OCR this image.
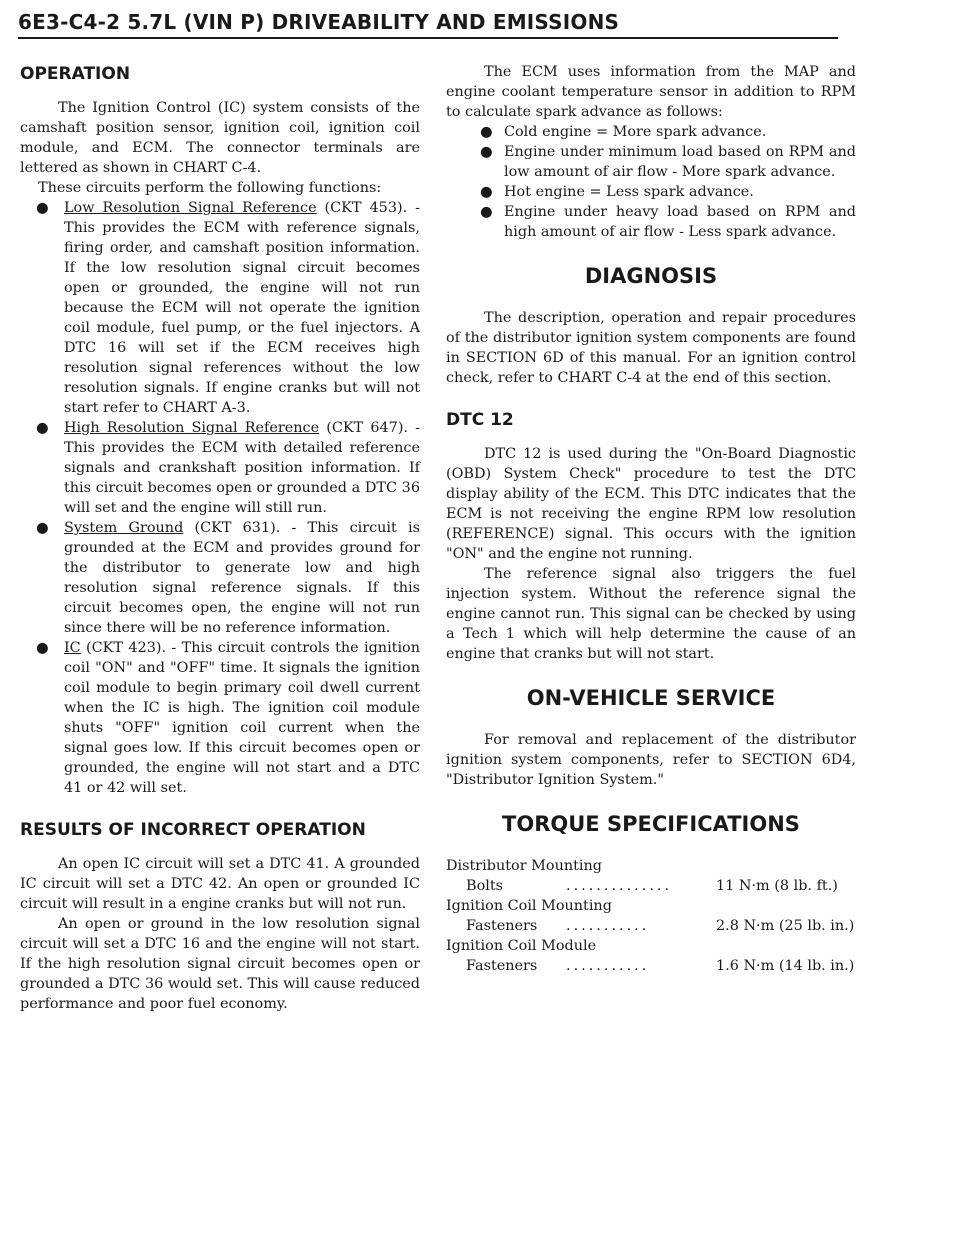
6E3-C4-2 5.7L (VIN P) DRIVEABILITY AND EMISSIONS
OPERATION

The Ignition Control (IC) system consists of the camshaft position sensor, ignition coil, ignition coil module, and ECM. The connector terminals are lettered as shown in CHART C-4.

These circuits perform the following functions:

● Low Resolution Signal Reference (CKT 453). - This provides the ECM with reference signals, firing order, and camshaft position information. If the low resolution signal circuit becomes open or grounded, the engine will not run because the ECM will not operate the ignition coil module, fuel pump, or the fuel injectors. A DTC 16 will set if the ECM receives high resolution signal references without the low resolution signals. If engine cranks but will not start refer to CHART A-3.
● High Resolution Signal Reference (CKT 647). - This provides the ECM with detailed reference signals and crankshaft position information. If this circuit becomes open or grounded a DTC 36 will set and the engine will still run.
● System Ground (CKT 631). - This circuit is grounded at the ECM and provides ground for the distributor to generate low and high resolution signal reference signals. If this circuit becomes open, the engine will not run since there will be no reference information.
● IC (CKT 423). - This circuit controls the ignition coil "ON" and "OFF" time. It signals the ignition coil module to begin primary coil dwell current when the IC is high. The ignition coil module shuts "OFF" ignition coil current when the signal goes low. If this circuit becomes open or grounded, the engine will not start and a DTC 41 or 42 will set.
RESULTS OF INCORRECT OPERATION

An open IC circuit will set a DTC 41. A grounded IC circuit will set a DTC 42. An open or grounded IC circuit will result in a engine cranks but will not run.

An open or ground in the low resolution signal circuit will set a DTC 16 and the engine will not start. If the high resolution signal circuit becomes open or grounded a DTC 36 would set. This will cause reduced performance and poor fuel economy.

The ECM uses information from the MAP and engine coolant temperature sensor in addition to RPM to calculate spark advance as follows:

● Cold engine = More spark advance.
● Engine under minimum load based on RPM and low amount of air flow - More spark advance.
● Hot engine = Less spark advance.
● Engine under heavy load based on RPM and high amount of air flow - Less spark advance.
DIAGNOSIS

The description, operation and repair procedures of the distributor ignition system components are found in SECTION 6D of this manual. For an ignition control check, refer to CHART C-4 at the end of this section.

DTC 12

DTC 12 is used during the "On-Board Diagnostic (OBD) System Check" procedure to test the DTC display ability of the ECM. This DTC indicates that the ECM is not receiving the engine RPM low resolution (REFERENCE) signal. This occurs with the ignition "ON" and the engine not running.

The reference signal also triggers the fuel injection system. Without the reference signal the engine cannot run. This signal can be checked by using a Tech 1 which will help determine the cause of an engine that cranks but will not start.

ON-VEHICLE SERVICE

For removal and replacement of the distributor ignition system components, refer to SECTION 6D4, "Distributor Ignition System."

TORQUE SPECIFICATIONS
Distributor Mounting
Bolts	..............	11 N·m (8 lb. ft.)
Ignition Coil Mounting
Fasteners	...........	2.8 N·m (25 lb. in.)
Ignition Coil Module
Fasteners	...........	1.6 N·m (14 lb. in.)
